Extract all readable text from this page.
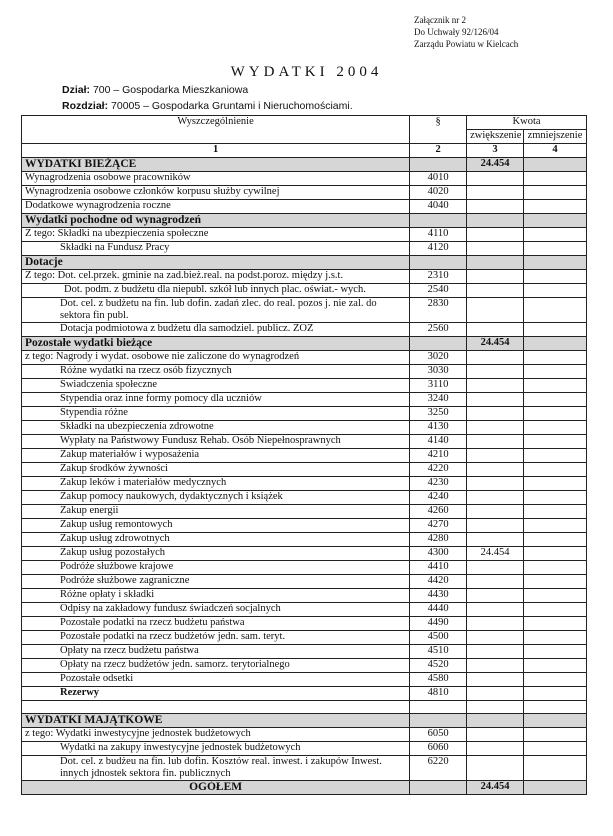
Załącznik nr 2
Do Uchwały 92/126/04
Zarządu Powiatu w Kielcach
WYDATKI 2004
Dział: 700 – Gospodarka Mieszkaniowa
Rozdział: 70005 – Gospodarka Gruntami i Nieruchomościami.
Wyszczególnienie	§	Kwota	
		zwiększenie	zmniejszenie
1	2	3	4
WYDATKI BIEŻĄCE		24.454	
Wynagrodzenia osobowe pracowników	4010		
Wynagrodzenia osobowe członków korpusu służby cywilnej	4020		
Dodatkowe wynagrodzenia roczne	4040		
Wydatki pochodne od wynagrodzeń			
Z tego: Składki na ubezpieczenia społeczne	4110		
Składki na Fundusz Pracy	4120		
Dotacje			
Z tego: Dot. cel.przek. gminie na zad.bież.real. na podst.poroz. między j.s.t.	2310		
Dot. podm. z budżetu dla niepubl. szkół lub innych plac. oświat.- wych.	2540		
Dot. cel. z budżetu na fin. lub dofin. zadań zlec. do real. pozos j. nie zal. do sektora fin publ.	2830		
Dotacja podmiotowa z budżetu dla samodziel. publicz. ZOZ	2560		
Pozostałe wydatki bieżące		24.454	
z tego: Nagrody i wydat. osobowe nie zaliczone do wynagrodzeń	3020		
Różne wydatki na rzecz osób fizycznych	3030		
Świadczenia społeczne	3110		
Stypendia oraz inne formy pomocy dla uczniów	3240		
Stypendia różne	3250		
Składki na ubezpieczenia zdrowotne	4130		
Wypłaty na Państwowy Fundusz Rehab. Osób Niepełnosprawnych	4140		
Zakup materiałów i wyposażenia	4210		
Zakup środków żywności	4220		
Zakup leków i materiałów medycznych	4230		
Zakup pomocy naukowych, dydaktycznych i książek	4240		
Zakup energii	4260		
Zakup usług remontowych	4270		
Zakup usług zdrowotnych	4280		
Zakup usług pozostałych	4300	24.454	
Podróże służbowe krajowe	4410		
Podróże służbowe zagraniczne	4420		
Różne opłaty i składki	4430		
Odpisy na zakładowy fundusz świadczeń socjalnych	4440		
Pozostałe podatki na rzecz budżetu państwa	4490		
Pozostałe podatki na rzecz budżetów jedn. sam. teryt.	4500		
Opłaty na rzecz budżetu państwa	4510		
Opłaty na rzecz budżetów jedn. samorz. terytorialnego	4520		
Pozostałe odsetki	4580		
Rezerwy	4810		

WYDATKI MAJĄTKOWE			
z tego: Wydatki inwestycyjne jednostek budżetowych	6050		
Wydatki na zakupy inwestycyjne jednostek budżetowych	6060		
Dot. cel. z budżeu na fin. lub dofin. Kosztów real. inwest. i zakupów Inwest. innych jdnostek sektora fin. publicznych	6220		
OGÓŁEM		24.454	
